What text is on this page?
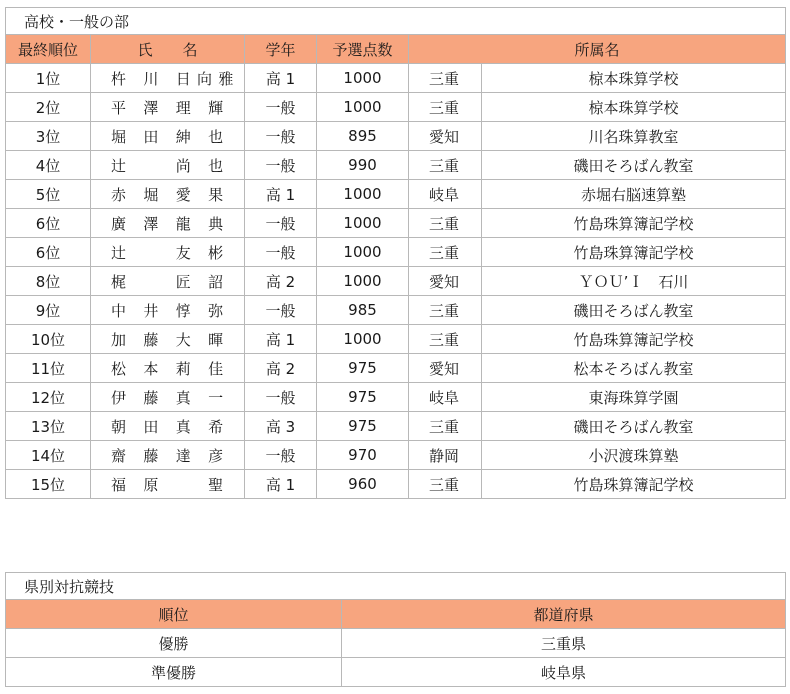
高校・一般の部					
最終順位	氏　　名	学年	予選点数	所属名	
1位	杵 川 日向雅	高 1	1000	三重	椋本珠算学校
2位	平 澤 理 輝	一般	1000	三重	椋本珠算学校
3位	堀 田 紳 也	一般	895	愛知	川名珠算教室
4位	辻 　 尚 也	一般	990	三重	磯田そろばん教室
5位	赤 堀 愛 果	高 1	1000	岐阜	赤堀右脳速算塾
6位	廣 澤 龍 典	一般	1000	三重	竹島珠算簿記学校
6位	辻 　 友 彬	一般	1000	三重	竹島珠算簿記学校
8位	梶 　 匠 詔	高 2	1000	愛知	ＹＯＵ’Ｉ　石川
9位	中 井 惇 弥	一般	985	三重	磯田そろばん教室
10位	加 藤 大 暉	高 1	1000	三重	竹島珠算簿記学校
11位	松 本 莉 佳	高 2	975	愛知	松本そろばん教室
12位	伊 藤 真 一	一般	975	岐阜	東海珠算学園
13位	朝 田 真 希	高 3	975	三重	磯田そろばん教室
14位	齋 藤 達 彦	一般	970	静岡	小沢渡珠算塾
15位	福 原 　 聖	高 1	960	三重	竹島珠算簿記学校
県別対抗競技	
順位	都道府県
優勝	三重県
準優勝	岐阜県
